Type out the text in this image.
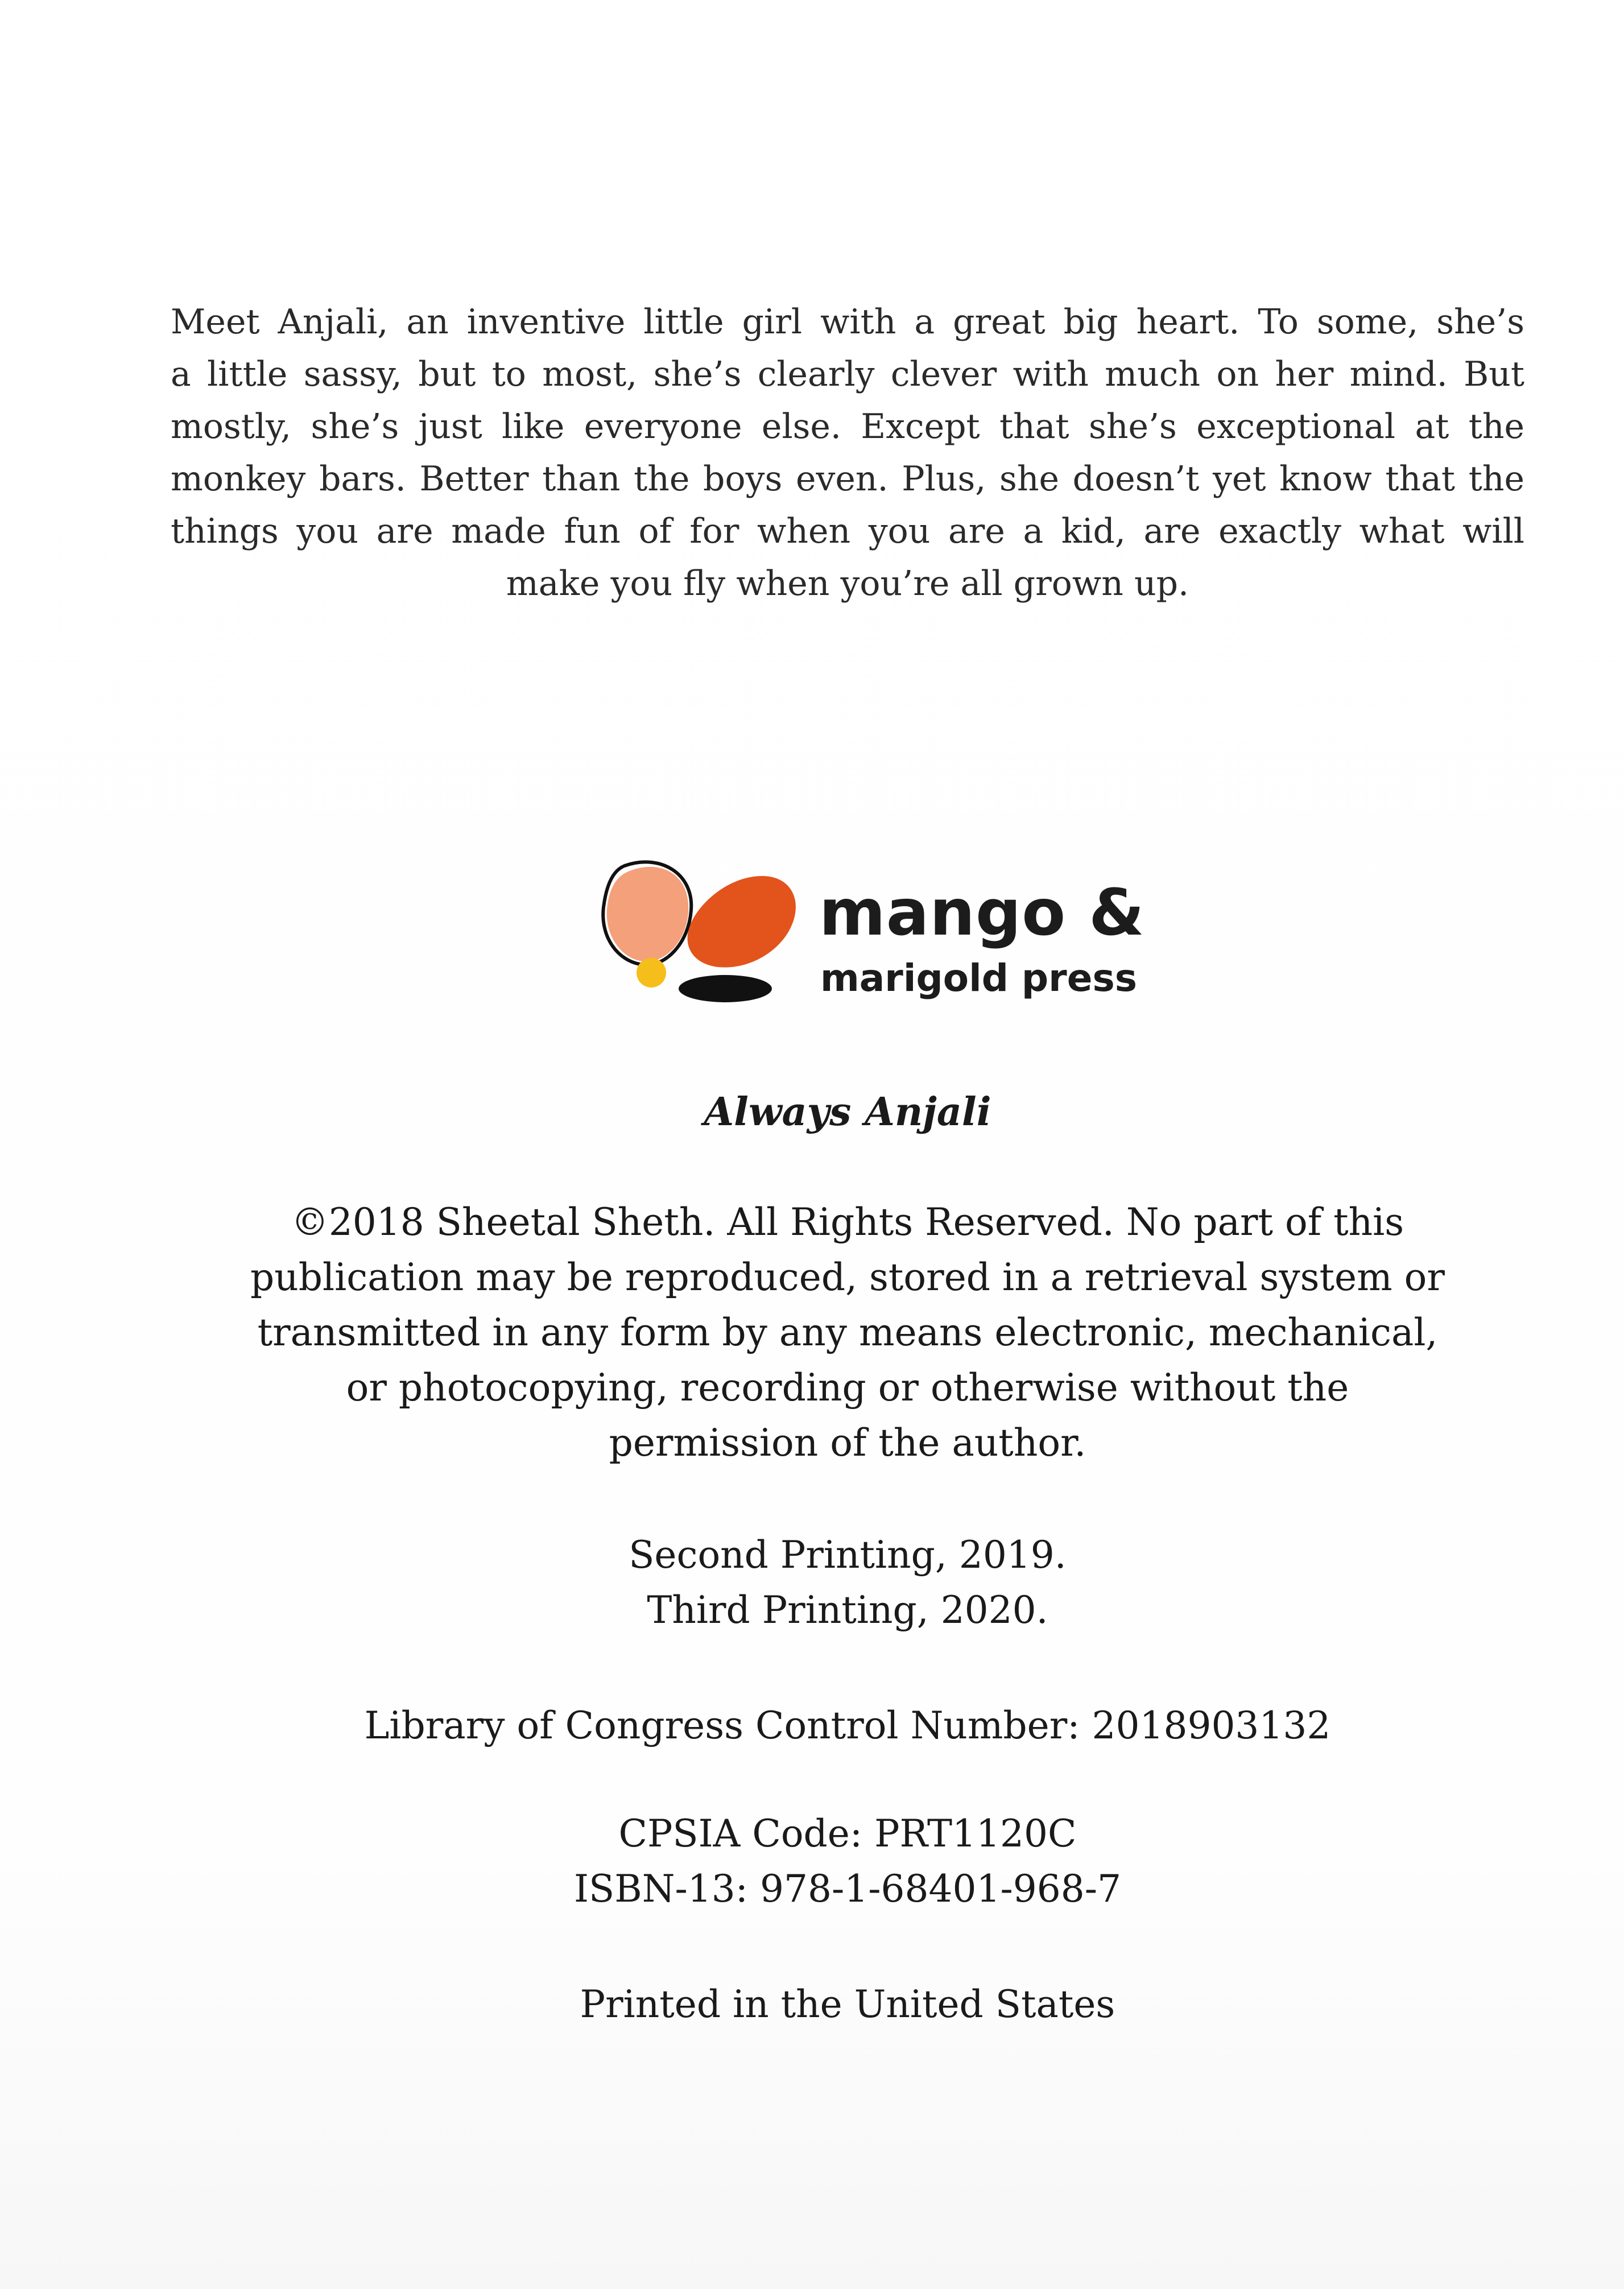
Meet Anjali, an inventive little girl with a great big heart. To some, she’s
a little sassy, but to most, she’s clearly clever with much on her mind. But
mostly, she’s just like everyone else. Except that she’s exceptional at the
monkey bars. Better than the boys even. Plus, she doesn’t yet know that the
things you are made fun of for when you are a kid, are exactly what will
make you fly when you’re all grown up.
mango &
marigold press
Always Anjali
©2018 Sheetal Sheth. All Rights Reserved. No part of this
publication may be reproduced, stored in a retrieval system or
transmitted in any form by any means electronic, mechanical,
or photocopying, recording or otherwise without the
permission of the author.
Second Printing, 2019.
Third Printing, 2020.
Library of Congress Control Number: 2018903132
CPSIA Code: PRT1120C
ISBN-13: 978-1-68401-968-7
Printed in the United States
